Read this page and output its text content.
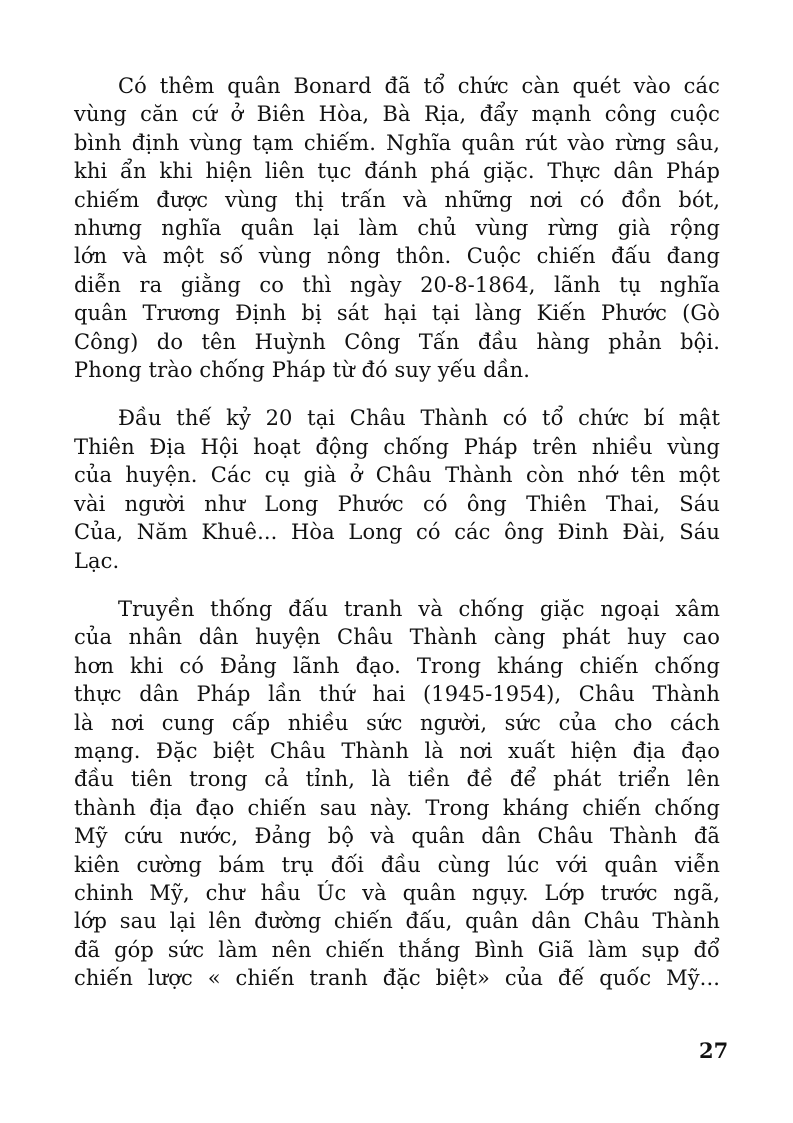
Có thêm quân Bonard đã tổ chức càn quét vào các
vùng căn cứ ở Biên Hòa, Bà Rịa, đẩy mạnh công cuộc
bình định vùng tạm chiếm. Nghĩa quân rút vào rừng sâu,
khi ẩn khi hiện liên tục đánh phá giặc. Thực dân Pháp
chiếm được vùng thị trấn và những nơi có đồn bót,
nhưng nghĩa quân lại làm chủ vùng rừng già rộng
lớn và một số vùng nông thôn. Cuộc chiến đấu đang
diễn ra giằng co thì ngày 20-8-1864, lãnh tụ nghĩa
quân Trương Định bị sát hại tại làng Kiến Phước (Gò
Công) do tên Huỳnh Công Tấn đầu hàng phản bội.
Phong trào chống Pháp từ đó suy yếu dần.
Đầu thế kỷ 20 tại Châu Thành có tổ chức bí mật
Thiên Địa Hội hoạt động chống Pháp trên nhiều vùng
của huyện. Các cụ già ở Châu Thành còn nhớ tên một
vài người như Long Phước có ông Thiên Thai, Sáu
Của, Năm Khuê... Hòa Long có các ông Đinh Đài, Sáu
Lạc.
Truyền thống đấu tranh và chống giặc ngoại xâm
của nhân dân huyện Châu Thành càng phát huy cao
hơn khi có Đảng lãnh đạo. Trong kháng chiến chống
thực dân Pháp lần thứ hai (1945-1954), Châu Thành
là nơi cung cấp nhiều sức người, sức của cho cách
mạng. Đặc biệt Châu Thành là nơi xuất hiện địa đạo
đầu tiên trong cả tỉnh, là tiền đề để phát triển lên
thành địa đạo chiến sau này. Trong kháng chiến chống
Mỹ cứu nước, Đảng bộ và quân dân Châu Thành đã
kiên cường bám trụ đối đầu cùng lúc với quân viễn
chinh Mỹ, chư hầu Úc và quân ngụy. Lớp trước ngã,
lớp sau lại lên đường chiến đấu, quân dân Châu Thành
đã góp sức làm nên chiến thắng Bình Giã làm sụp đổ
chiến lược « chiến tranh đặc biệt» của đế quốc Mỹ...
27
